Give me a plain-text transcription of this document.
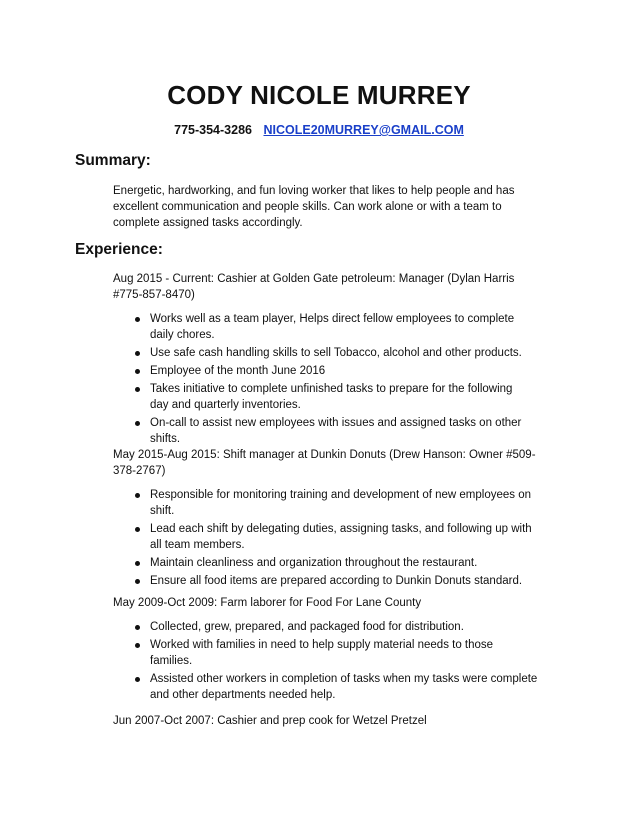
CODY NICOLE MURREY
775-354-3286 NICOLE20MURREY@GMAIL.COM
Summary:

Energetic, hardworking, and fun loving worker that likes to help people and has

excellent communication and people skills. Can work alone or with a team to

complete assigned tasks accordingly.

Experience:
Aug 2015 - Current: Cashier at Golden Gate petroleum: Manager (Dylan Harris
#775-857-8470)
Works well as a team player, Helps direct fellow employees to complete
daily chores.
Use safe cash handling skills to sell Tobacco, alcohol and other products.
Employee of the month June 2016
Takes initiative to complete unfinished tasks to prepare for the following
day and quarterly inventories.
On-call to assist new employees with issues and assigned tasks on other
shifts.
May 2015-Aug 2015: Shift manager at Dunkin Donuts (Drew Hanson: Owner #509-
378-2767)
Responsible for monitoring training and development of new employees on
shift.
Lead each shift by delegating duties, assigning tasks, and following up with
all team members.
Maintain cleanliness and organization throughout the restaurant.
Ensure all food items are prepared according to Dunkin Donuts standard.
May 2009-Oct 2009: Farm laborer for Food For Lane County
Collected, grew, prepared, and packaged food for distribution.
Worked with families in need to help supply material needs to those
families.
Assisted other workers in completion of tasks when my tasks were complete
and other departments needed help.
Jun 2007-Oct 2007: Cashier and prep cook for Wetzel Pretzel
